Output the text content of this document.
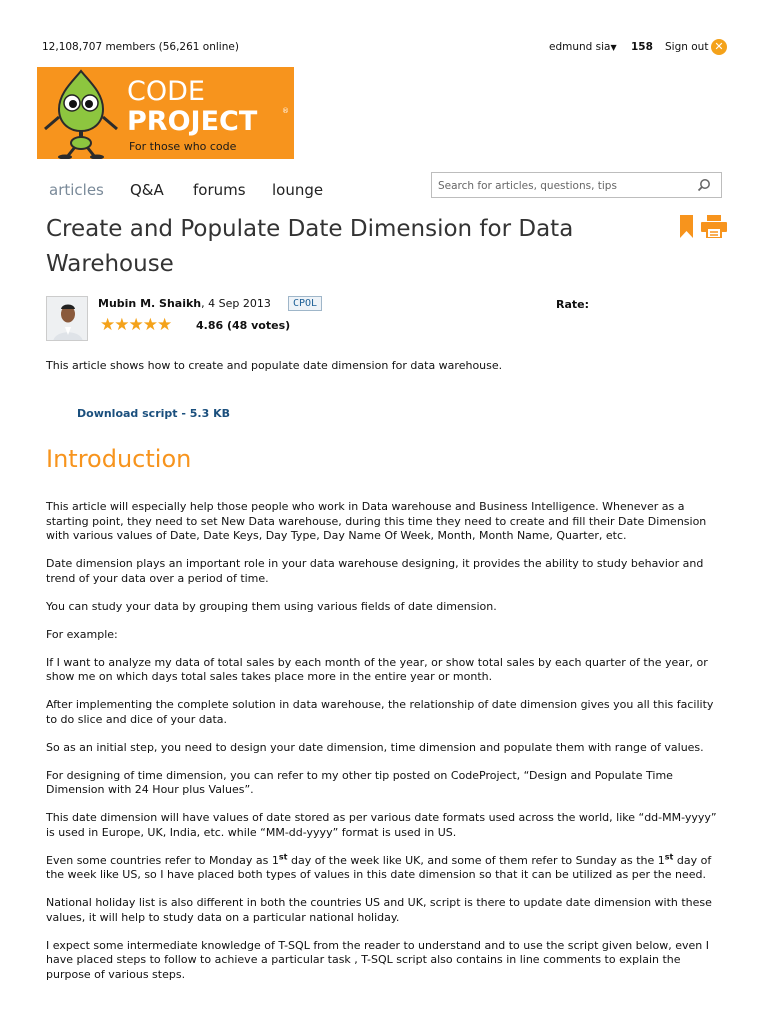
12,108,707 members (56,261 online)	edmund sia▼ 158 Sign out ✕
CODE
PROJECT	®
For those who code
articles Q&A forums lounge
Search for articles, questions, tips
Create and Populate Date Dimension for Data Warehouse
Mubin M. Shaikh, 4 Sep 2013	CPOL	Rate:
★★★★★ 4.86 (48 votes)

This article shows how to create and populate date dimension for data warehouse.

Download script - 5.3 KB
Introduction

This article will especially help those people who work in Data warehouse and Business Intelligence. Whenever as a starting point, they need to set New Data warehouse, during this time they need to create and fill their Date Dimension with various values of Date, Date Keys, Day Type, Day Name Of Week, Month, Month Name, Quarter, etc.

Date dimension plays an important role in your data warehouse designing, it provides the ability to study behavior and trend of your data over a period of time.

You can study your data by grouping them using various fields of date dimension.

For example:

If I want to analyze my data of total sales by each month of the year, or show total sales by each quarter of the year, or show me on which days total sales takes place more in the entire year or month.

After implementing the complete solution in data warehouse, the relationship of date dimension gives you all this facility to do slice and dice of your data.

So as an initial step, you need to design your date dimension, time dimension and populate them with range of values.

For designing of time dimension, you can refer to my other tip posted on CodeProject, “Design and Populate Time Dimension with 24 Hour plus Values”.

This date dimension will have values of date stored as per various date formats used across the world, like “dd-MM-yyyy” is used in Europe, UK, India, etc. while “MM-dd-yyyy” format is used in US.

Even some countries refer to Monday as 1st day of the week like UK, and some of them refer to Sunday as the 1st day of the week like US, so I have placed both types of values in this date dimension so that it can be utilized as per the need.

National holiday list is also different in both the countries US and UK, script is there to update date dimension with these values, it will help to study data on a particular national holiday.

I expect some intermediate knowledge of T-SQL from the reader to understand and to use the script given below, even I have placed steps to follow to achieve a particular task , T-SQL script also contains in line comments to explain the purpose of various steps.
